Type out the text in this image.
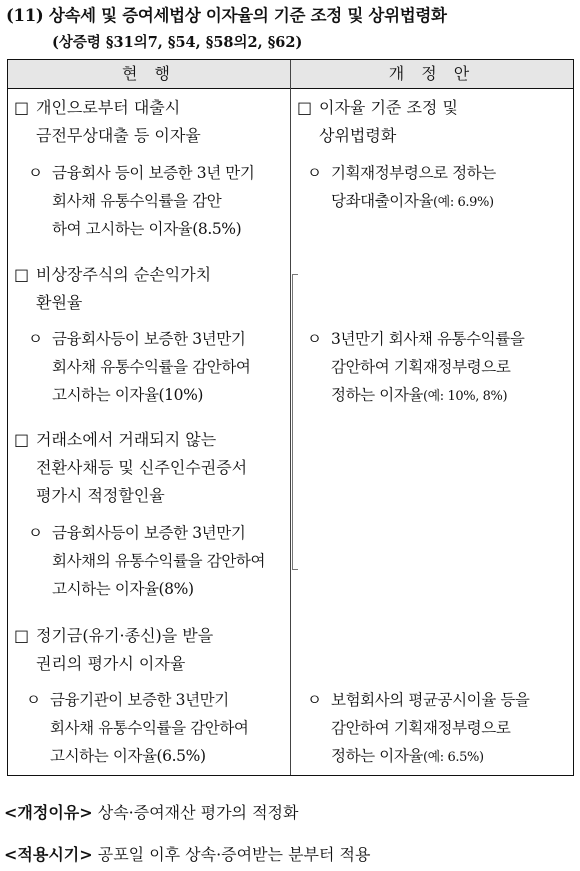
(11) 상속세 및 증여세법상 이자율의 기준 조정 및 상위법령화
(상증령 §31의7, §54, §58의2, §62)
현 행	개 정 안
□ 개인으로부터 대출시
금전무상대출 등 이자율
ㅇ 금융회사 등이 보증한 3년 만기
회사채 유통수익률을 감안
하여 고시하는 이자율(8.5%)
□ 비상장주식의 순손익가치
환원율
ㅇ 금융회사등이 보증한 3년만기
회사채 유통수익률을 감안하여
고시하는 이자율(10%)
□ 거래소에서 거래되지 않는
전환사채등 및 신주인수권증서
평가시 적정할인율
ㅇ 금융회사등이 보증한 3년만기
회사채의 유통수익률을 감안하여
고시하는 이자율(8%)
□ 정기금(유기·종신)을 받을
권리의 평가시 이자율
ㅇ 금융기관이 보증한 3년만기
회사채 유통수익률을 감안하여
고시하는 이자율(6.5%)
□ 이자율 기준 조정 및
상위법령화
ㅇ 기획재정부령으로 정하는
당좌대출이자율(예: 6.9%)
ㅇ 3년만기 회사채 유통수익률을
감안하여 기획재정부령으로
정하는 이자율(예: 10%, 8%)
ㅇ 보험회사의 평균공시이율 등을
감안하여 기획재정부령으로
정하는 이자율(예: 6.5%)
<개정이유> 상속·증여재산 평가의 적정화
<적용시기> 공포일 이후 상속·증여받는 분부터 적용
